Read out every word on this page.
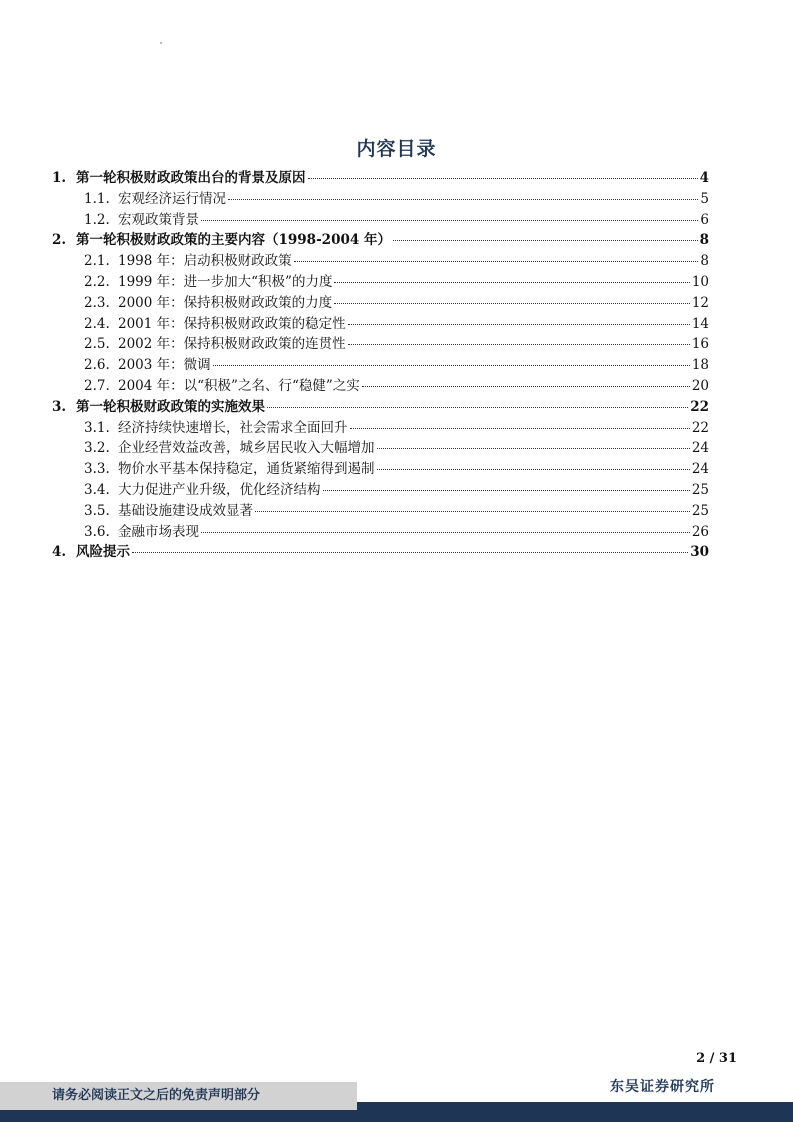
内容目录
1. 第一轮积极财政政策出台的背景及原因	4
1.1. 宏观经济运行情况	5
1.2. 宏观政策背景	6
2. 第一轮积极财政政策的主要内容（1998-2004 年）	8
2.1. 1998 年：启动积极财政政策	8
2.2. 1999 年：进一步加大“积极”的力度	10
2.3. 2000 年：保持积极财政政策的力度	12
2.4. 2001 年：保持积极财政政策的稳定性	14
2.5. 2002 年：保持积极财政政策的连贯性	16
2.6. 2003 年：微调	18
2.7. 2004 年：以“积极”之名、行“稳健”之实	20
3. 第一轮积极财政政策的实施效果	22
3.1. 经济持续快速增长，社会需求全面回升	22
3.2. 企业经营效益改善，城乡居民收入大幅增加	24
3.3. 物价水平基本保持稳定，通货紧缩得到遏制	24
3.4. 大力促进产业升级，优化经济结构	25
3.5. 基础设施建设成效显著	25
3.6. 金融市场表现	26
4. 风险提示	30
2 / 31
请务必阅读正文之后的免责声明部分
东吴证券研究所
